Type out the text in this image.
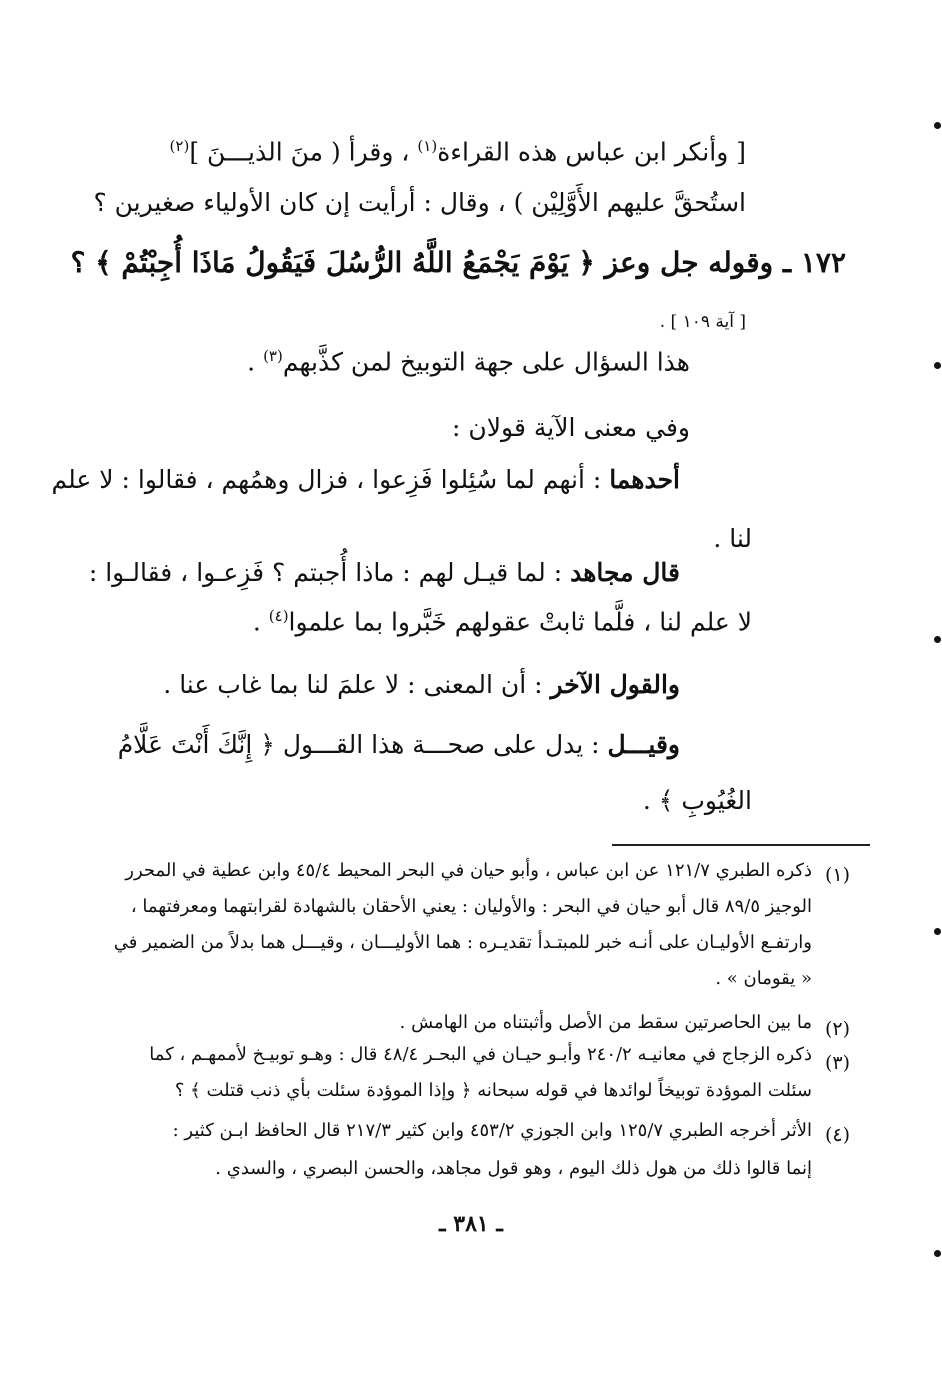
[ وأنكر ابن عباس هذه القراءة$^{(١)}$ ، وقرأ ( منَ الذيـــنَ ]$^{(٢)}$
استُحقَّ عليهم الأَوَّلِيْن ) ، وقال : أرأيت إن كان الأولياء صغيرين ؟
١٧٢ ـ وقوله جل وعز ﴿ يَوْمَ يَجْمَعُ اللَّهُ الرُّسُلَ فَيَقُولُ مَاذَا أُجِبْتُمْ ﴾ ؟
[ آية ١٠٩ ] .
هذا السؤال على جهة التوبيخ لمن كذَّبهم$^{(٣)}$ .
وفي معنى الآية قولان :
أحدهما : أنهم لما سُئِلوا فَزِعوا ، فزال وهمُهم ، فقالوا : لا علم
لنا .
قال مجاهد : لما قيـل لهم : ماذا أُجبتم ؟ فَزِعـوا ، فقالـوا :
لا علم لنا ، فلَّما ثابتْ عقولهم خَبَّروا بما علموا$^{(٤)}$ .
والقول الآخر : أن المعنى : لا علمَ لنا بما غاب عنا .
وقيـــل : يدل على صحـــة هذا القـــول ﴿ إِنَّكَ أَنْتَ عَلَّامُ
الغُيُوبِ ﴾ .
(١)
ذكره الطبري ١٢١/٧ عن ابن عباس ، وأبو حيان في البحر المحيط ٤٥/٤ وابن عطية في المحرر
الوجيز ٨٩/٥ قال أبو حيان في البحر : والأوليان : يعني الأحقان بالشهادة لقرابتهما ومعرفتهما ،
وارتفـع الأوليـان على أنـه خبر للمبتـدأ تقديـره : هما الأوليـــان ، وقيـــل هما بدلاً من الضمير في
« يقومان » .
(٢)
ما بين الحاصرتين سقط من الأصل وأثبتناه من الهامش .
(٣)
ذكره الزجاج في معانيـه ٢٤٠/٢ وأبـو حيـان في البحـر ٤٨/٤ قال : وهـو توبيـخ لأممهـم ، كما
سئلت الموؤدة توبيخاً لوائدها في قوله سبحانه ﴿ وإذا الموؤدة سئلت بأي ذنب قتلت ﴾ ؟
(٤)
الأثر أخرجه الطبري ١٢٥/٧ وابن الجوزي ٤٥٣/٢ وابن كثير ٢١٧/٣ قال الحافظ ابـن كثير :
إنما قالوا ذلك من هول ذلك اليوم ، وهو قول مجاهد، والحسن البصري ، والسدي .
ـ ٣٨١ ـ
